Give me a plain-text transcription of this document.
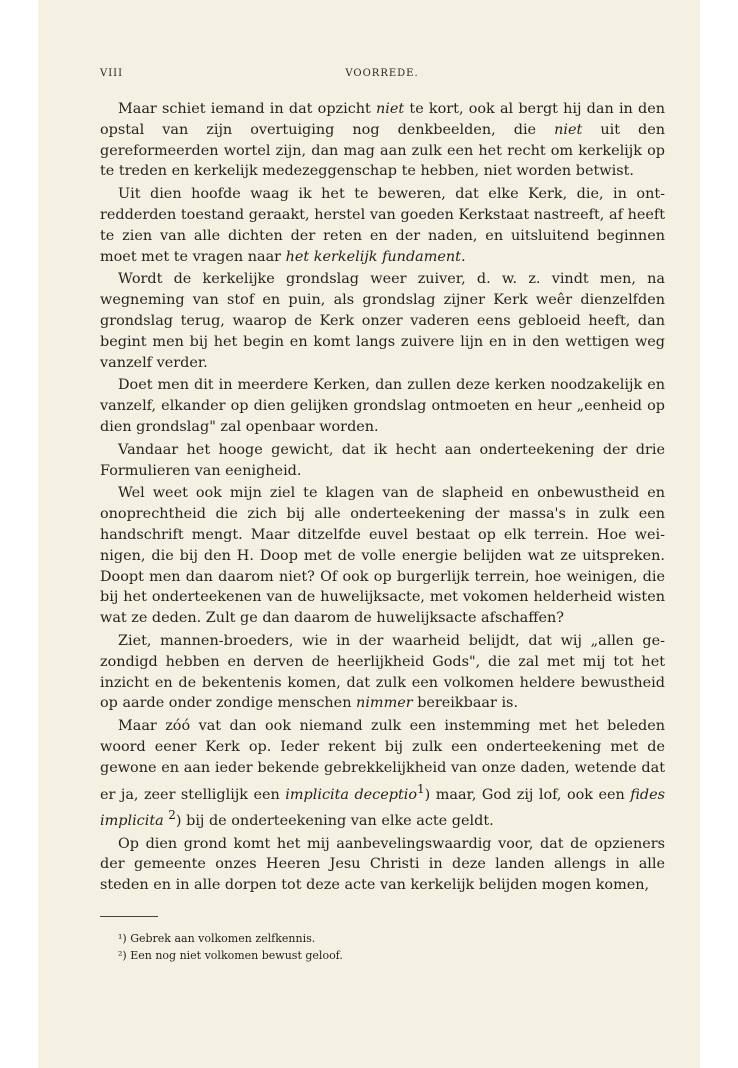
VIII	VOORREDE.

Maar schiet iemand in dat opzicht niet te kort, ook al bergt hij dan in den opstal van zijn overtuiging nog denkbeelden, die niet uit den gereformeerden wortel zijn, dan mag aan zulk een het recht om kerkelijk op te treden en kerkelijk medezeggenschap te hebben, niet worden betwist.

Uit dien hoofde waag ik het te beweren, dat elke Kerk, die, in ontredderden toestand geraakt, herstel van goeden Kerkstaat nastreeft, af heeft te zien van alle dichten der reten en der naden, en uitsluitend beginnen moet met te vragen naar het kerkelijk fundament.

Wordt de kerkelijke grondslag weer zuiver, d. w. z. vindt men, na wegneming van stof en puin, als grondslag zijner Kerk weêr dienzelfden grondslag terug, waarop de Kerk onzer vaderen eens gebloeid heeft, dan begint men bij het begin en komt langs zuivere lijn en in den wettigen weg vanzelf verder.

Doet men dit in meerdere Kerken, dan zullen deze kerken noodzakelijk en vanzelf, elkander op dien gelijken grondslag ontmoeten en heur „eenheid op dien grondslag" zal openbaar worden.

Vandaar het hooge gewicht, dat ik hecht aan onderteekening der drie Formulieren van eenigheid.

Wel weet ook mijn ziel te klagen van de slapheid en onbewustheid en onoprechtheid die zich bij alle onderteekening der massa's in zulk een handschrift mengt. Maar ditzelfde euvel bestaat op elk terrein. Hoe weinigen, die bij den H. Doop met de volle energie belijden wat ze uitspreken. Doopt men dan daarom niet? Of ook op burgerlijk terrein, hoe weinigen, die bij het onderteekenen van de huwelijksacte, met vokomen helderheid wisten wat ze deden. Zult ge dan daarom de huwelijksacte afschaffen?

Ziet, mannen-broeders, wie in der waarheid belijdt, dat wij „allen gezondigd hebben en derven de heerlijkheid Gods", die zal met mij tot het inzicht en de bekentenis komen, dat zulk een volkomen heldere bewustheid op aarde onder zondige menschen nimmer bereikbaar is.

Maar zóó vat dan ook niemand zulk een instemming met het beleden woord eener Kerk op. Ieder rekent bij zulk een onderteekening met de gewone en aan ieder bekende gebrekkelijkheid van onze daden, wetende dat er ja, zeer stelliglijk een implicita deceptio$^1$) maar, God zij lof, ook een fides implicita $^2$) bij de onderteekening van elke acte geldt.

Op dien grond komt het mij aanbevelingswaardig voor, dat de opzieners der gemeente onzes Heeren Jesu Christi in deze landen allengs in alle steden en in alle dorpen tot deze acte van kerkelijk belijden mogen komen,

¹) Gebrek aan volkomen zelfkennis.
²) Een nog niet volkomen bewust geloof.
